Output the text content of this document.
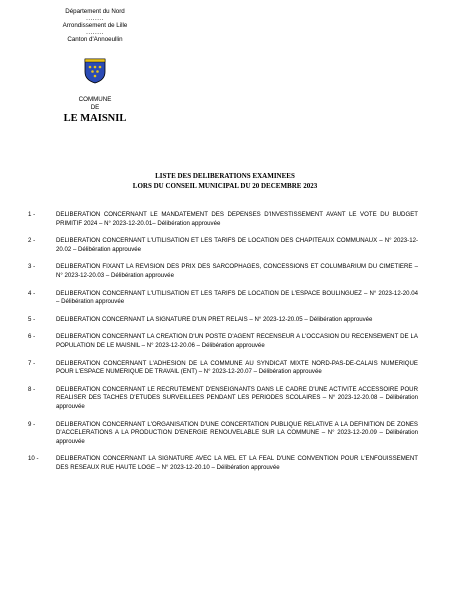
Département du Nord
........
Arrondissement de Lille
........
Canton d'Annoeullin
COMMUNE
DE
LE MAISNIL
LISTE DES DELIBERATIONS EXAMINEES
LORS DU CONSEIL MUNICIPAL DU 20 DECEMBRE 2023
1 -	DELIBERATION CONCERNANT LE MANDATEMENT DES DEPENSES D'INVESTISSEMENT AVANT LE VOTE DU BUDGET PRIMITIF 2024 – N° 2023-12-20.01– Délibération approuvée
2 -	DELIBERATION CONCERNANT L'UTILISATION ET LES TARIFS DE LOCATION DES CHAPITEAUX COMMUNAUX – N° 2023-12-20.02 – Délibération approuvée
3 -	DELIBERATION FIXANT LA REVISION DES PRIX DES SARCOPHAGES, CONCESSIONS ET COLUMBARIUM DU CIMETIERE – N° 2023-12-20.03 – Délibération approuvée
4 -	DELIBERATION CONCERNANT L'UTILISATION ET LES TARIFS DE LOCATION DE L'ESPACE BOULINGUEZ – N° 2023-12-20.04 – Délibération approuvée
5 -	DELIBERATION CONCERNANT LA SIGNATURE D'UN PRET RELAIS – N° 2023-12-20.05 – Délibération approuvée
6 -	DELIBERATION CONCERNANT LA CREATION D'UN POSTE D'AGENT RECENSEUR A L'OCCASION DU RECENSEMENT DE LA POPULATION DE LE MAISNIL – N° 2023-12-20.06 – Délibération approuvée
7 -	DELIBERATION CONCERNANT L'ADHESION DE LA COMMUNE AU SYNDICAT MIXTE NORD-PAS-DE-CALAIS NUMERIQUE POUR L'ESPACE NUMERIQUE DE TRAVAIL (ENT) – N° 2023-12-20.07 – Délibération approuvée
8 -	DELIBERATION CONCERNANT LE RECRUTEMENT D'ENSEIGNANTS DANS LE CADRE D'UNE ACTIVITE ACCESSOIRE POUR REALISER DES TACHES D'ETUDES SURVEILLEES PENDANT LES PERIODES SCOLAIRES – N° 2023-12-20.08 – Délibération approuvée
9 -	DELIBERATION CONCERNANT L'ORGANISATION D'UNE CONCERTATION PUBLIQUE RELATIVE A LA DEFINITION DE ZONES D'ACCELERATIONS A LA PRODUCTION D'ENERGIE RENOUVELABLE SUR LA COMMUNE – N° 2023-12-20.09 – Délibération approuvée
10 -	DELIBERATION CONCERNANT LA SIGNATURE AVEC LA MEL ET LA FEAL D'UNE CONVENTION POUR L'ENFOUISSEMENT DES RESEAUX RUE HAUTE LOGE – N° 2023-12-20.10 – Délibération approuvée
